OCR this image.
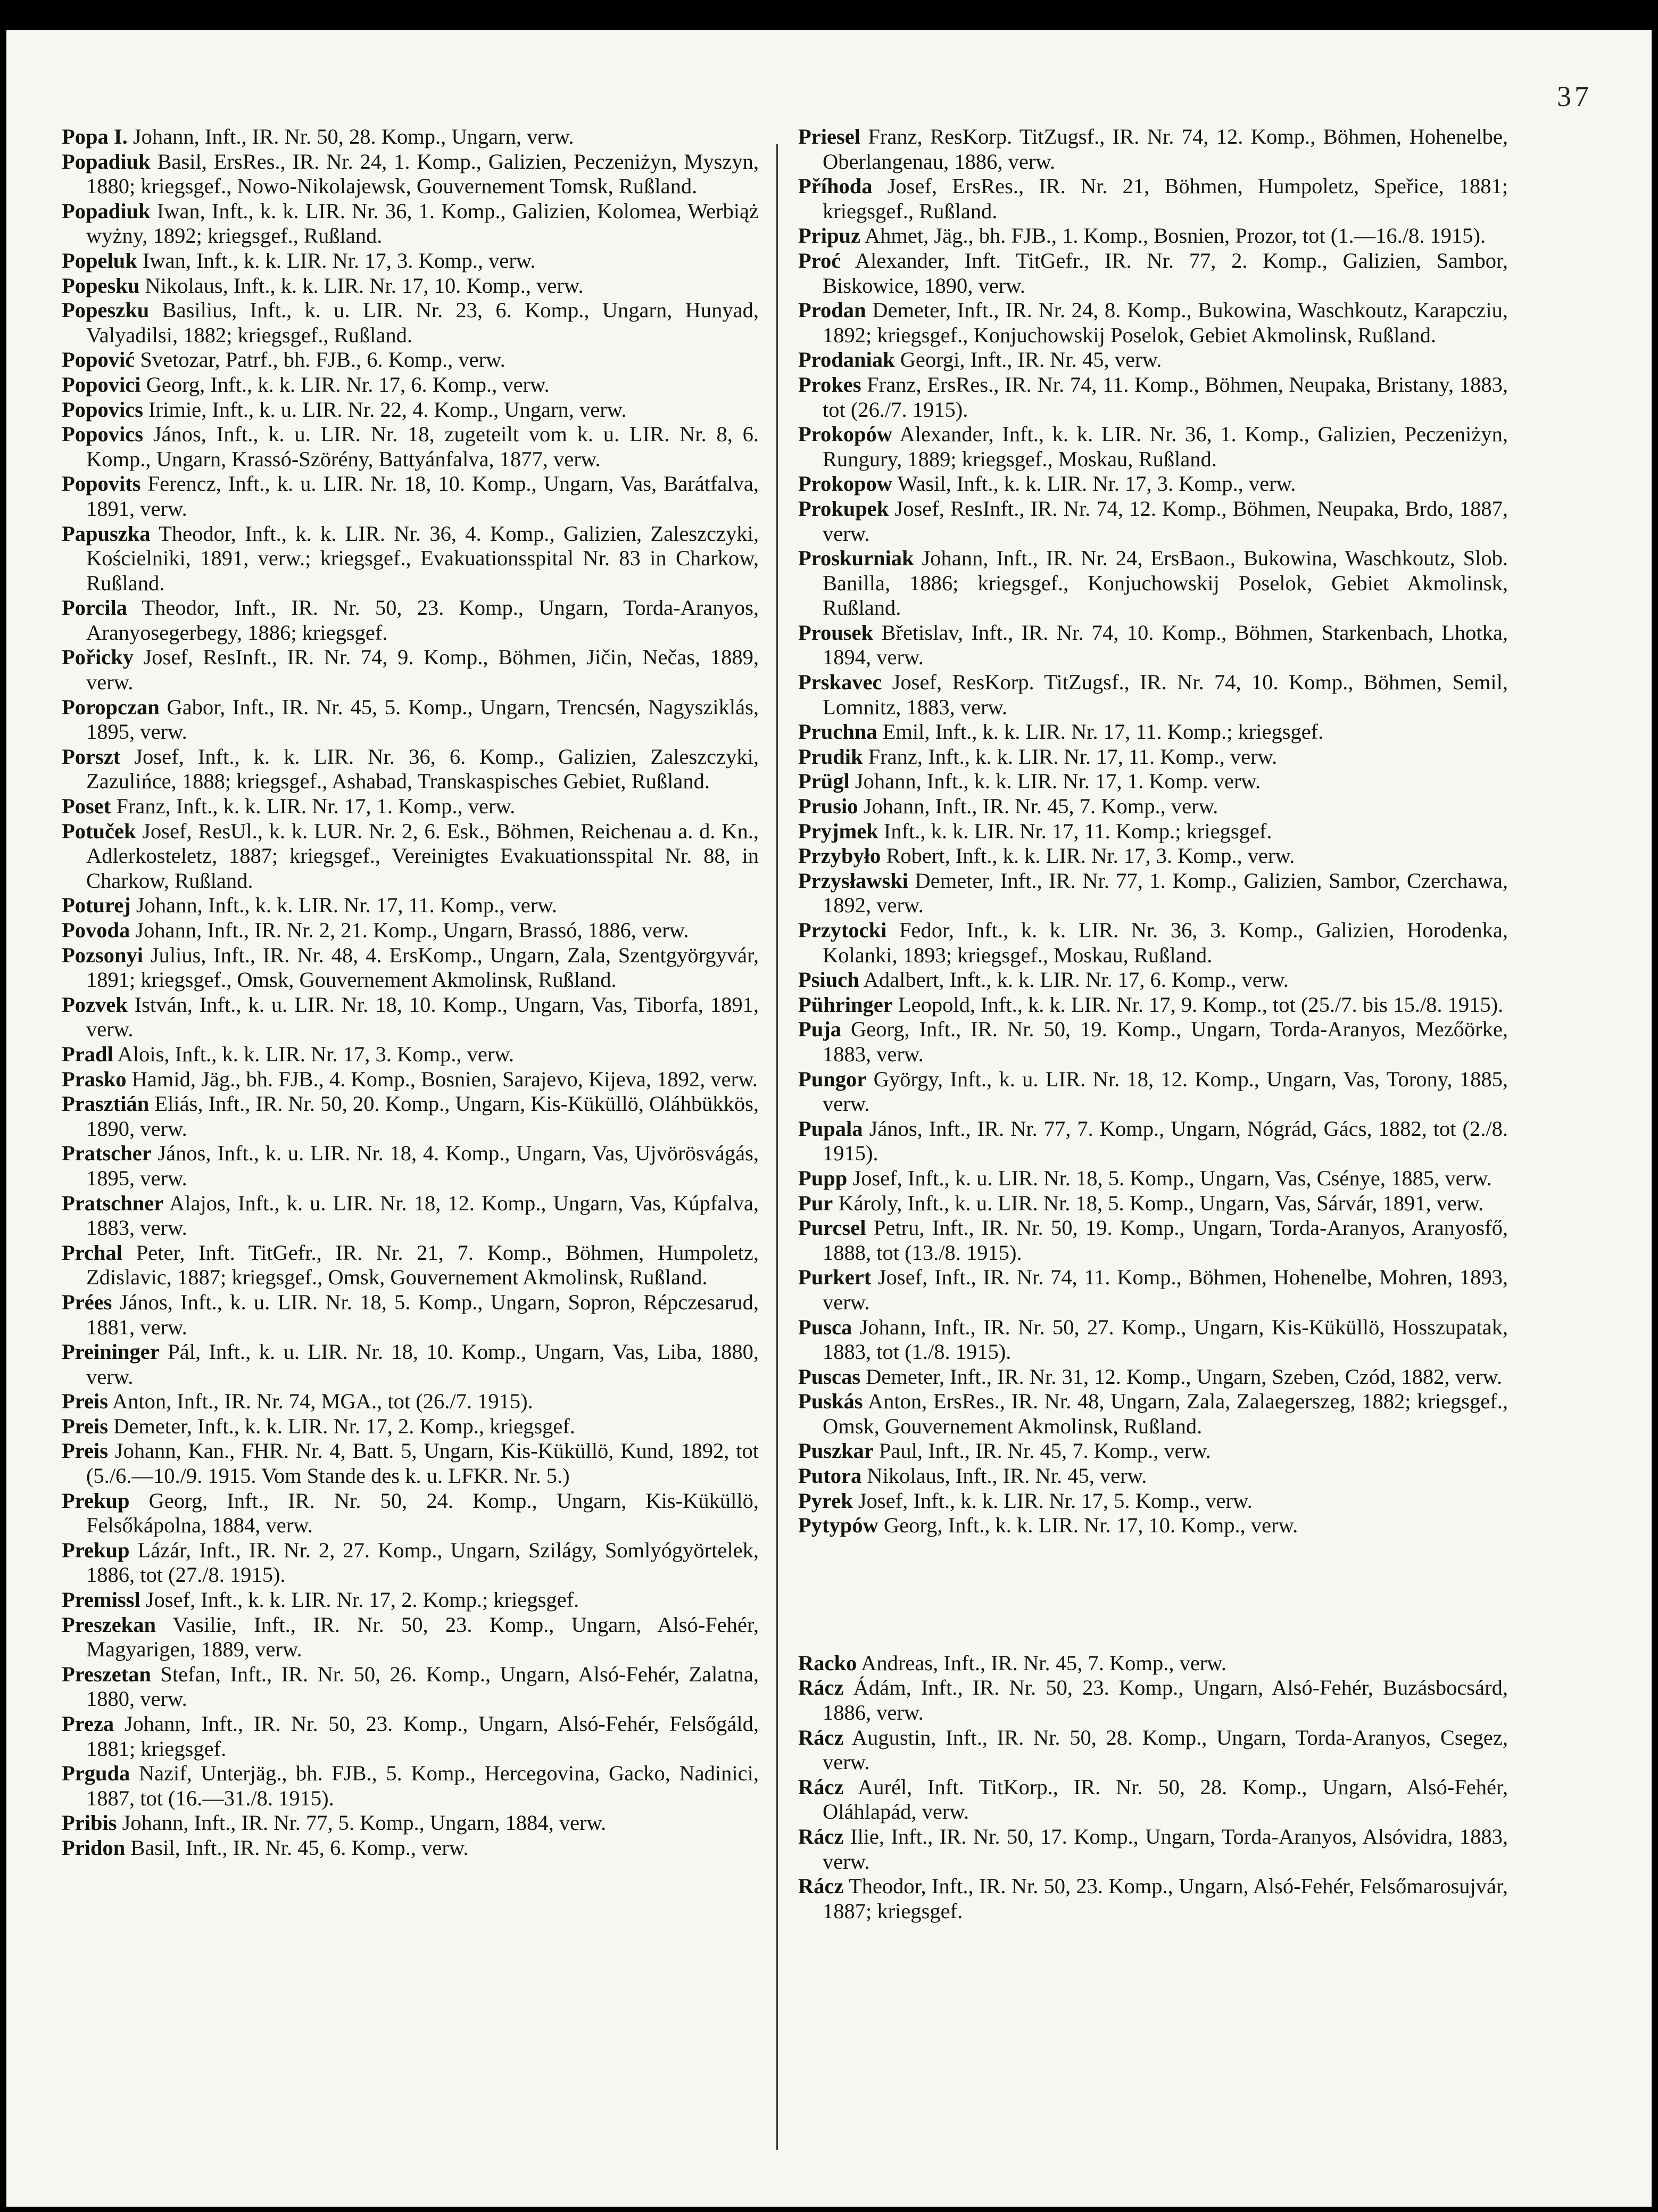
37

Popa I. Johann, Inft., IR. Nr. 50, 28. Komp., Ungarn, verw.

Popadiuk Basil, ErsRes., IR. Nr. 24, 1. Komp., Galizien, Peczeniżyn, Myszyn, 1880; kriegsgef., Nowo-Nikolajewsk, Gouvernement Tomsk, Rußland.

Popadiuk Iwan, Inft., k. k. LIR. Nr. 36, 1. Komp., Galizien, Kolomea, Werbiąż wyżny, 1892; kriegsgef., Rußland.

Popeluk Iwan, Inft., k. k. LIR. Nr. 17, 3. Komp., verw.

Popesku Nikolaus, Inft., k. k. LIR. Nr. 17, 10. Komp., verw.

Popeszku Basilius, Inft., k. u. LIR. Nr. 23, 6. Komp., Ungarn, Hunyad, Valyadilsi, 1882; kriegsgef., Rußland.

Popović Svetozar, Patrf., bh. FJB., 6. Komp., verw.

Popovici Georg, Inft., k. k. LIR. Nr. 17, 6. Komp., verw.

Popovics Irimie, Inft., k. u. LIR. Nr. 22, 4. Komp., Ungarn, verw.

Popovics János, Inft., k. u. LIR. Nr. 18, zugeteilt vom k. u. LIR. Nr. 8, 6. Komp., Ungarn, Krassó-Szörény, Battyánfalva, 1877, verw.

Popovits Ferencz, Inft., k. u. LIR. Nr. 18, 10. Komp., Ungarn, Vas, Barátfalva, 1891, verw.

Papuszka Theodor, Inft., k. k. LIR. Nr. 36, 4. Komp., Galizien, Zaleszczyki, Kościelniki, 1891, verw.; kriegsgef., Evakuationsspital Nr. 83 in Charkow, Rußland.

Porcila Theodor, Inft., IR. Nr. 50, 23. Komp., Ungarn, Torda-Aranyos, Aranyosegerbegy, 1886; kriegsgef.

Pořicky Josef, ResInft., IR. Nr. 74, 9. Komp., Böhmen, Jičin, Nečas, 1889, verw.

Poropczan Gabor, Inft., IR. Nr. 45, 5. Komp., Ungarn, Trencsén, Nagysziklás, 1895, verw.

Porszt Josef, Inft., k. k. LIR. Nr. 36, 6. Komp., Galizien, Zaleszczyki, Zazulińce, 1888; kriegsgef., Ashabad, Transkaspisches Gebiet, Rußland.

Poset Franz, Inft., k. k. LIR. Nr. 17, 1. Komp., verw.

Potuček Josef, ResUl., k. k. LUR. Nr. 2, 6. Esk., Böhmen, Reichenau a. d. Kn., Adlerkosteletz, 1887; kriegsgef., Vereinigtes Evakuationsspital Nr. 88, in Charkow, Rußland.

Poturej Johann, Inft., k. k. LIR. Nr. 17, 11. Komp., verw.

Povoda Johann, Inft., IR. Nr. 2, 21. Komp., Ungarn, Brassó, 1886, verw.

Pozsonyi Julius, Inft., IR. Nr. 48, 4. ErsKomp., Ungarn, Zala, Szentgyörgyvár, 1891; kriegsgef., Omsk, Gouvernement Akmolinsk, Rußland.

Pozvek István, Inft., k. u. LIR. Nr. 18, 10. Komp., Ungarn, Vas, Tiborfa, 1891, verw.

Pradl Alois, Inft., k. k. LIR. Nr. 17, 3. Komp., verw.

Prasko Hamid, Jäg., bh. FJB., 4. Komp., Bosnien, Sarajevo, Kijeva, 1892, verw.

Prasztián Eliás, Inft., IR. Nr. 50, 20. Komp., Ungarn, Kis-Küküllö, Oláhbükkös, 1890, verw.

Pratscher János, Inft., k. u. LIR. Nr. 18, 4. Komp., Ungarn, Vas, Ujvörösvágás, 1895, verw.

Pratschner Alajos, Inft., k. u. LIR. Nr. 18, 12. Komp., Ungarn, Vas, Kúpfalva, 1883, verw.

Prchal Peter, Inft. TitGefr., IR. Nr. 21, 7. Komp., Böhmen, Humpoletz, Zdislavic, 1887; kriegsgef., Omsk, Gouvernement Akmolinsk, Rußland.

Prées János, Inft., k. u. LIR. Nr. 18, 5. Komp., Ungarn, Sopron, Répczesarud, 1881, verw.

Preininger Pál, Inft., k. u. LIR. Nr. 18, 10. Komp., Ungarn, Vas, Liba, 1880, verw.

Preis Anton, Inft., IR. Nr. 74, MGA., tot (26./7. 1915).

Preis Demeter, Inft., k. k. LIR. Nr. 17, 2. Komp., kriegsgef.

Preis Johann, Kan., FHR. Nr. 4, Batt. 5, Ungarn, Kis-Küküllö, Kund, 1892, tot (5./6.—10./9. 1915. Vom Stande des k. u. LFKR. Nr. 5.)

Prekup Georg, Inft., IR. Nr. 50, 24. Komp., Ungarn, Kis-Küküllö, Felsőkápolna, 1884, verw.

Prekup Lázár, Inft., IR. Nr. 2, 27. Komp., Ungarn, Szilágy, Somlyógyörtelek, 1886, tot (27./8. 1915).

Premissl Josef, Inft., k. k. LIR. Nr. 17, 2. Komp.; kriegsgef.

Preszekan Vasilie, Inft., IR. Nr. 50, 23. Komp., Ungarn, Alsó-Fehér, Magyarigen, 1889, verw.

Preszetan Stefan, Inft., IR. Nr. 50, 26. Komp., Ungarn, Alsó-Fehér, Zalatna, 1880, verw.

Preza Johann, Inft., IR. Nr. 50, 23. Komp., Ungarn, Alsó-Fehér, Felsőgáld, 1881; kriegsgef.

Prguda Nazif, Unterjäg., bh. FJB., 5. Komp., Hercegovina, Gacko, Nadinici, 1887, tot (16.—31./8. 1915).

Pribis Johann, Inft., IR. Nr. 77, 5. Komp., Ungarn, 1884, verw.

Pridon Basil, Inft., IR. Nr. 45, 6. Komp., verw.

Priesel Franz, ResKorp. TitZugsf., IR. Nr. 74, 12. Komp., Böhmen, Hohenelbe, Oberlangenau, 1886, verw.

Příhoda Josef, ErsRes., IR. Nr. 21, Böhmen, Humpoletz, Speřice, 1881; kriegsgef., Rußland.

Pripuz Ahmet, Jäg., bh. FJB., 1. Komp., Bosnien, Prozor, tot (1.—16./8. 1915).

Proć Alexander, Inft. TitGefr., IR. Nr. 77, 2. Komp., Galizien, Sambor, Biskowice, 1890, verw.

Prodan Demeter, Inft., IR. Nr. 24, 8. Komp., Bukowina, Waschkoutz, Karapcziu, 1892; kriegsgef., Konjuchowskij Poselok, Gebiet Akmolinsk, Rußland.

Prodaniak Georgi, Inft., IR. Nr. 45, verw.

Prokes Franz, ErsRes., IR. Nr. 74, 11. Komp., Böhmen, Neupaka, Bristany, 1883, tot (26./7. 1915).

Prokopów Alexander, Inft., k. k. LIR. Nr. 36, 1. Komp., Galizien, Peczeniżyn, Rungury, 1889; kriegsgef., Moskau, Rußland.

Prokopow Wasil, Inft., k. k. LIR. Nr. 17, 3. Komp., verw.

Prokupek Josef, ResInft., IR. Nr. 74, 12. Komp., Böhmen, Neupaka, Brdo, 1887, verw.

Proskurniak Johann, Inft., IR. Nr. 24, ErsBaon., Bukowina, Waschkoutz, Slob. Banilla, 1886; kriegsgef., Konjuchowskij Poselok, Gebiet Akmolinsk, Rußland.

Prousek Břetislav, Inft., IR. Nr. 74, 10. Komp., Böhmen, Starkenbach, Lhotka, 1894, verw.

Prskavec Josef, ResKorp. TitZugsf., IR. Nr. 74, 10. Komp., Böhmen, Semil, Lomnitz, 1883, verw.

Pruchna Emil, Inft., k. k. LIR. Nr. 17, 11. Komp.; kriegsgef.

Prudik Franz, Inft., k. k. LIR. Nr. 17, 11. Komp., verw.

Prügl Johann, Inft., k. k. LIR. Nr. 17, 1. Komp. verw.

Prusio Johann, Inft., IR. Nr. 45, 7. Komp., verw.

Pryjmek Inft., k. k. LIR. Nr. 17, 11. Komp.; kriegsgef.

Przybyło Robert, Inft., k. k. LIR. Nr. 17, 3. Komp., verw.

Przysławski Demeter, Inft., IR. Nr. 77, 1. Komp., Galizien, Sambor, Czerchawa, 1892, verw.

Przytocki Fedor, Inft., k. k. LIR. Nr. 36, 3. Komp., Galizien, Horodenka, Kolanki, 1893; kriegsgef., Moskau, Rußland.

Psiuch Adalbert, Inft., k. k. LIR. Nr. 17, 6. Komp., verw.

Pühringer Leopold, Inft., k. k. LIR. Nr. 17, 9. Komp., tot (25./7. bis 15./8. 1915).

Puja Georg, Inft., IR. Nr. 50, 19. Komp., Ungarn, Torda-Aranyos, Mezőörke, 1883, verw.

Pungor György, Inft., k. u. LIR. Nr. 18, 12. Komp., Ungarn, Vas, Torony, 1885, verw.

Pupala János, Inft., IR. Nr. 77, 7. Komp., Ungarn, Nógrád, Gács, 1882, tot (2./8. 1915).

Pupp Josef, Inft., k. u. LIR. Nr. 18, 5. Komp., Ungarn, Vas, Csénye, 1885, verw.

Pur Károly, Inft., k. u. LIR. Nr. 18, 5. Komp., Ungarn, Vas, Sárvár, 1891, verw.

Purcsel Petru, Inft., IR. Nr. 50, 19. Komp., Ungarn, Torda-Aranyos, Aranyosfő, 1888, tot (13./8. 1915).

Purkert Josef, Inft., IR. Nr. 74, 11. Komp., Böhmen, Hohenelbe, Mohren, 1893, verw.

Pusca Johann, Inft., IR. Nr. 50, 27. Komp., Ungarn, Kis-Küküllö, Hosszupatak, 1883, tot (1./8. 1915).

Puscas Demeter, Inft., IR. Nr. 31, 12. Komp., Ungarn, Szeben, Czód, 1882, verw.

Puskás Anton, ErsRes., IR. Nr. 48, Ungarn, Zala, Zalaegerszeg, 1882; kriegsgef., Omsk, Gouvernement Akmolinsk, Rußland.

Puszkar Paul, Inft., IR. Nr. 45, 7. Komp., verw.

Putora Nikolaus, Inft., IR. Nr. 45, verw.

Pyrek Josef, Inft., k. k. LIR. Nr. 17, 5. Komp., verw.

Pytypów Georg, Inft., k. k. LIR. Nr. 17, 10. Komp., verw.

Racko Andreas, Inft., IR. Nr. 45, 7. Komp., verw.

Rácz Ádám, Inft., IR. Nr. 50, 23. Komp., Ungarn, Alsó-Fehér, Buzásbocsárd, 1886, verw.

Rácz Augustin, Inft., IR. Nr. 50, 28. Komp., Ungarn, Torda-Aranyos, Csegez, verw.

Rácz Aurél, Inft. TitKorp., IR. Nr. 50, 28. Komp., Ungarn, Alsó-Fehér, Oláhlapád, verw.

Rácz Ilie, Inft., IR. Nr. 50, 17. Komp., Ungarn, Torda-Aranyos, Alsóvidra, 1883, verw.

Rácz Theodor, Inft., IR. Nr. 50, 23. Komp., Ungarn, Alsó-Fehér, Felsőmarosujvár, 1887; kriegsgef.
